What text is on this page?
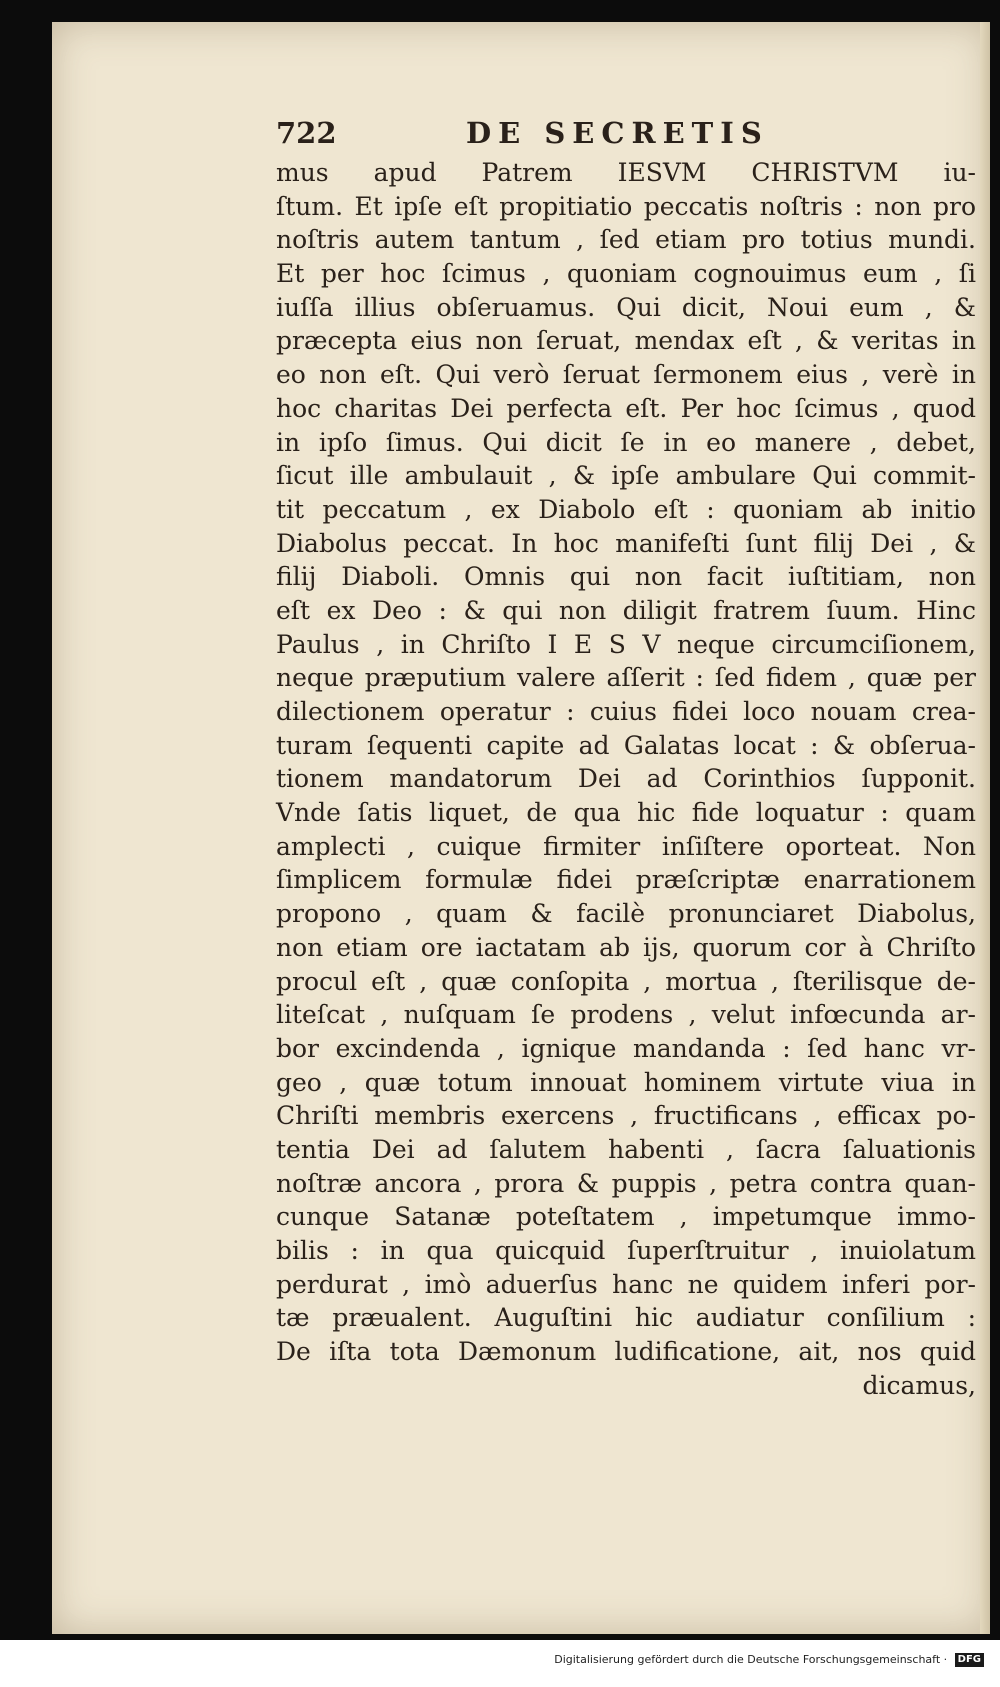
722	DE SECRETIS
mus apud Patrem IESVM CHRISTVM iu-
ſtum. Et ipſe eſt propitiatio peccatis noſtris : non pro
noſtris autem tantum , ſed etiam pro totius mundi.
Et per hoc ſcimus , quoniam cognouimus eum , ſi
iuſſa illius obſeruamus. Qui dicit, Noui eum , &
præcepta eius non ſeruat, mendax eſt , & veritas in
eo non eſt. Qui verò ſeruat ſermonem eius , verè in
hoc charitas Dei perfecta eſt. Per hoc ſcimus , quod
in ipſo ſimus. Qui dicit ſe in eo manere , debet,
ſicut ille ambulauit , & ipſe ambulare Qui commit-
tit peccatum , ex Diabolo eſt : quoniam ab initio
Diabolus peccat. In hoc manifeſti ſunt filij Dei , &
filij Diaboli. Omnis qui non facit iuſtitiam, non
eſt ex Deo : & qui non diligit fratrem ſuum. Hinc
Paulus , in Chriſto I E S V neque circumciſionem,
neque præputium valere aſſerit : ſed fidem , quæ per
dilectionem operatur : cuius fidei loco nouam crea-
turam ſequenti capite ad Galatas locat : & obſerua-
tionem mandatorum Dei ad Corinthios ſupponit.
Vnde ſatis liquet, de qua hic fide loquatur : quam
amplecti , cuique firmiter inſiſtere oporteat. Non
ſimplicem formulæ fidei præſcriptæ enarrationem
propono , quam & facilè pronunciaret Diabolus,
non etiam ore iactatam ab ijs, quorum cor à Chriſto
procul eſt , quæ conſopita , mortua , ſterilisque de-
liteſcat , nuſquam ſe prodens , velut infœcunda ar-
bor excindenda , ignique mandanda : ſed hanc vr-
geo , quæ totum innouat hominem virtute viua in
Chriſti membris exercens , fructificans , efficax po-
tentia Dei ad ſalutem habenti , ſacra ſaluationis
noſtræ ancora , prora & puppis , petra contra quan-
cunque Satanæ poteſtatem , impetumque immo-
bilis : in qua quicquid ſuperſtruitur , inuiolatum
perdurat , imò aduerſus hanc ne quidem inferi por-
tæ præualent. Auguſtini hic audiatur conſilium :
De iſta tota Dæmonum ludificatione, ait, nos quid
dicamus,
Digitalisierung gefördert durch die Deutsche Forschungsgemeinschaft · DFG
